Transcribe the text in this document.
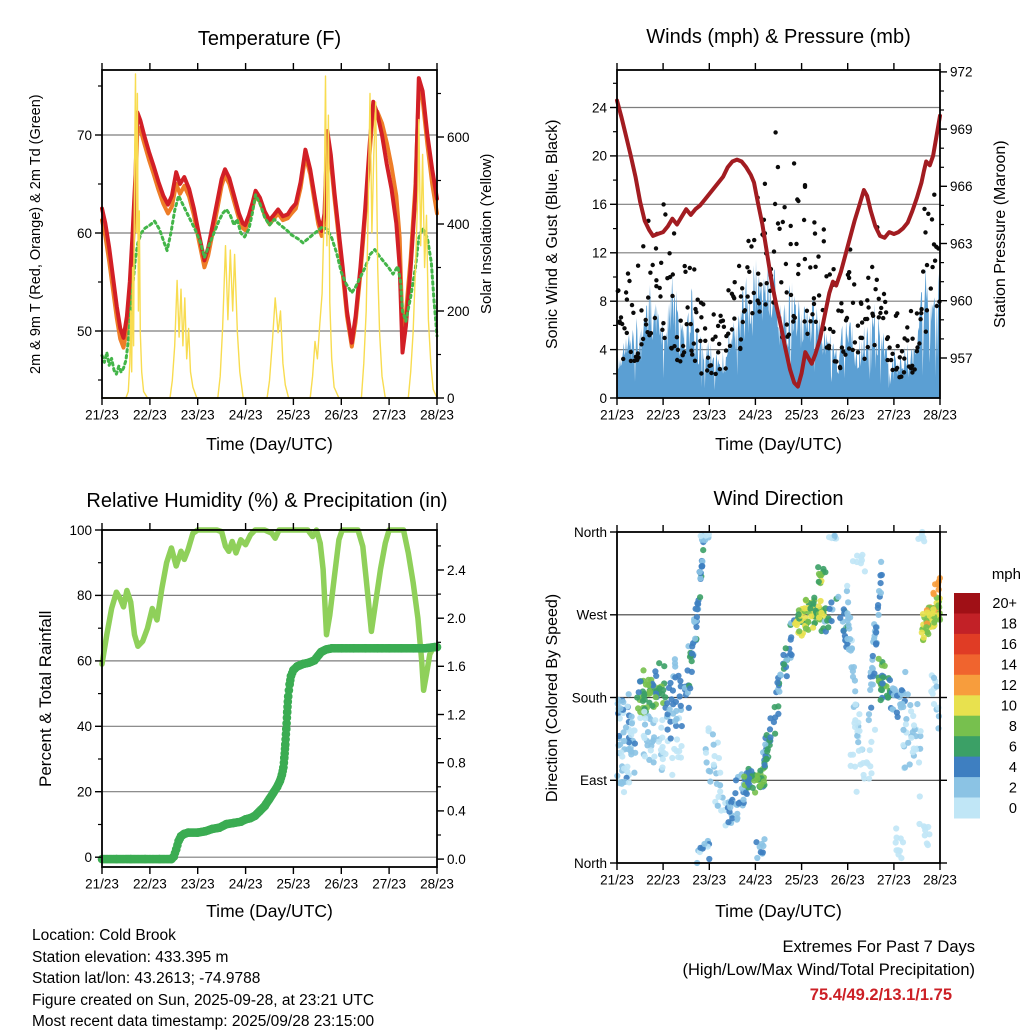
21/23 22/23 23/23 24/23 25/23 26/23 27/23 28/23
50
60
70
0
200
400
600
21/23 22/23 23/23 24/23 25/23 26/23 27/23 28/23
0
4
8
12
16
20
24
957
960
963
966
969
972
21/23 22/23 23/23 24/23 25/23 26/23 27/23 28/23
0
20
40
60
80
100
0.0
0.4
0.8
1.2
1.6
2.0
2.4
21/23 22/23 23/23 24/23 25/23 26/23 27/23 28/23
North
East
South
West
North
20+
18
16
14
12
10
8
6
4
2
0
Temperature (F)	Winds (mph) & Pressure (mb)
Relative Humidity (%) & Precipitation (in)	Wind Direction
Time (Day/UTC)	Time (Day/UTC)
Time (Day/UTC)	Time (Day/UTC)
2m & 9m T (Red, Orange) & 2m Td (Green)	Solar Insolation (Yellow)	Sonic Wind & Gust (Blue, Black)	Station Pressure (Maroon)
Percent & Total Rainfall	Direction (Colored By Speed)
mph
Location: Cold Brook
Station elevation: 433.395 m
Station lat/lon: 43.2613; -74.9788
Figure created on Sun, 2025-09-28, at 23:21 UTC
Most recent data timestamp: 2025/09/28 23:15:00
Extremes For Past 7 Days
(High/Low/Max Wind/Total Precipitation)
75.4/49.2/13.1/1.75
